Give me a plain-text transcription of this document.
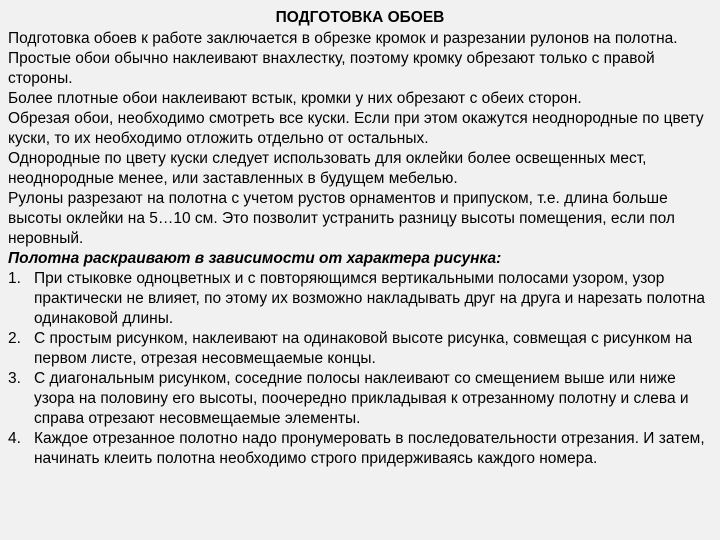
ПОДГОТОВКА ОБОЕВ

Подготовка обоев к работе заключается в обрезке кромок и разрезании рулонов на полотна.

Простые обои обычно наклеивают внахлестку, поэтому кромку обрезают только с правой стороны.

Более плотные обои наклеивают встык, кромки у них обрезают с обеих сторон.

Обрезая обои, необходимо смотреть все куски. Если при этом окажутся неоднородные по цвету куски, то их необходимо отложить отдельно от остальных.

Однородные по цвету куски следует использовать для оклейки более освещенных мест, неоднородные менее, или заставленных в будущем мебелью.

Рулоны разрезают на полотна с учетом рустов орнаментов и припуском, т.е. длина больше высоты оклейки на 5…10 см. Это позволит устранить разницу высоты помещения, если пол неровный.

Полотна раскраивают в зависимости от характера рисунка:

1. При стыковке одноцветных и с повторяющимся вертикальными полосами узором, узор практически не влияет, по этому их возможно накладывать друг на друга и нарезать полотна одинаковой длины.
2. С простым рисунком, наклеивают на одинаковой высоте рисунка, совмещая с рисунком на первом листе, отрезая несовмещаемые концы.
3. С диагональным рисунком, соседние полосы наклеивают со смещением выше или ниже узора на половину его высоты, поочередно прикладывая к отрезанному полотну и слева и справа отрезают несовмещаемые элементы.
4. Каждое отрезанное полотно надо пронумеровать в последовательности отрезания. И затем, начинать клеить полотна необходимо строго придерживаясь каждого номера.
